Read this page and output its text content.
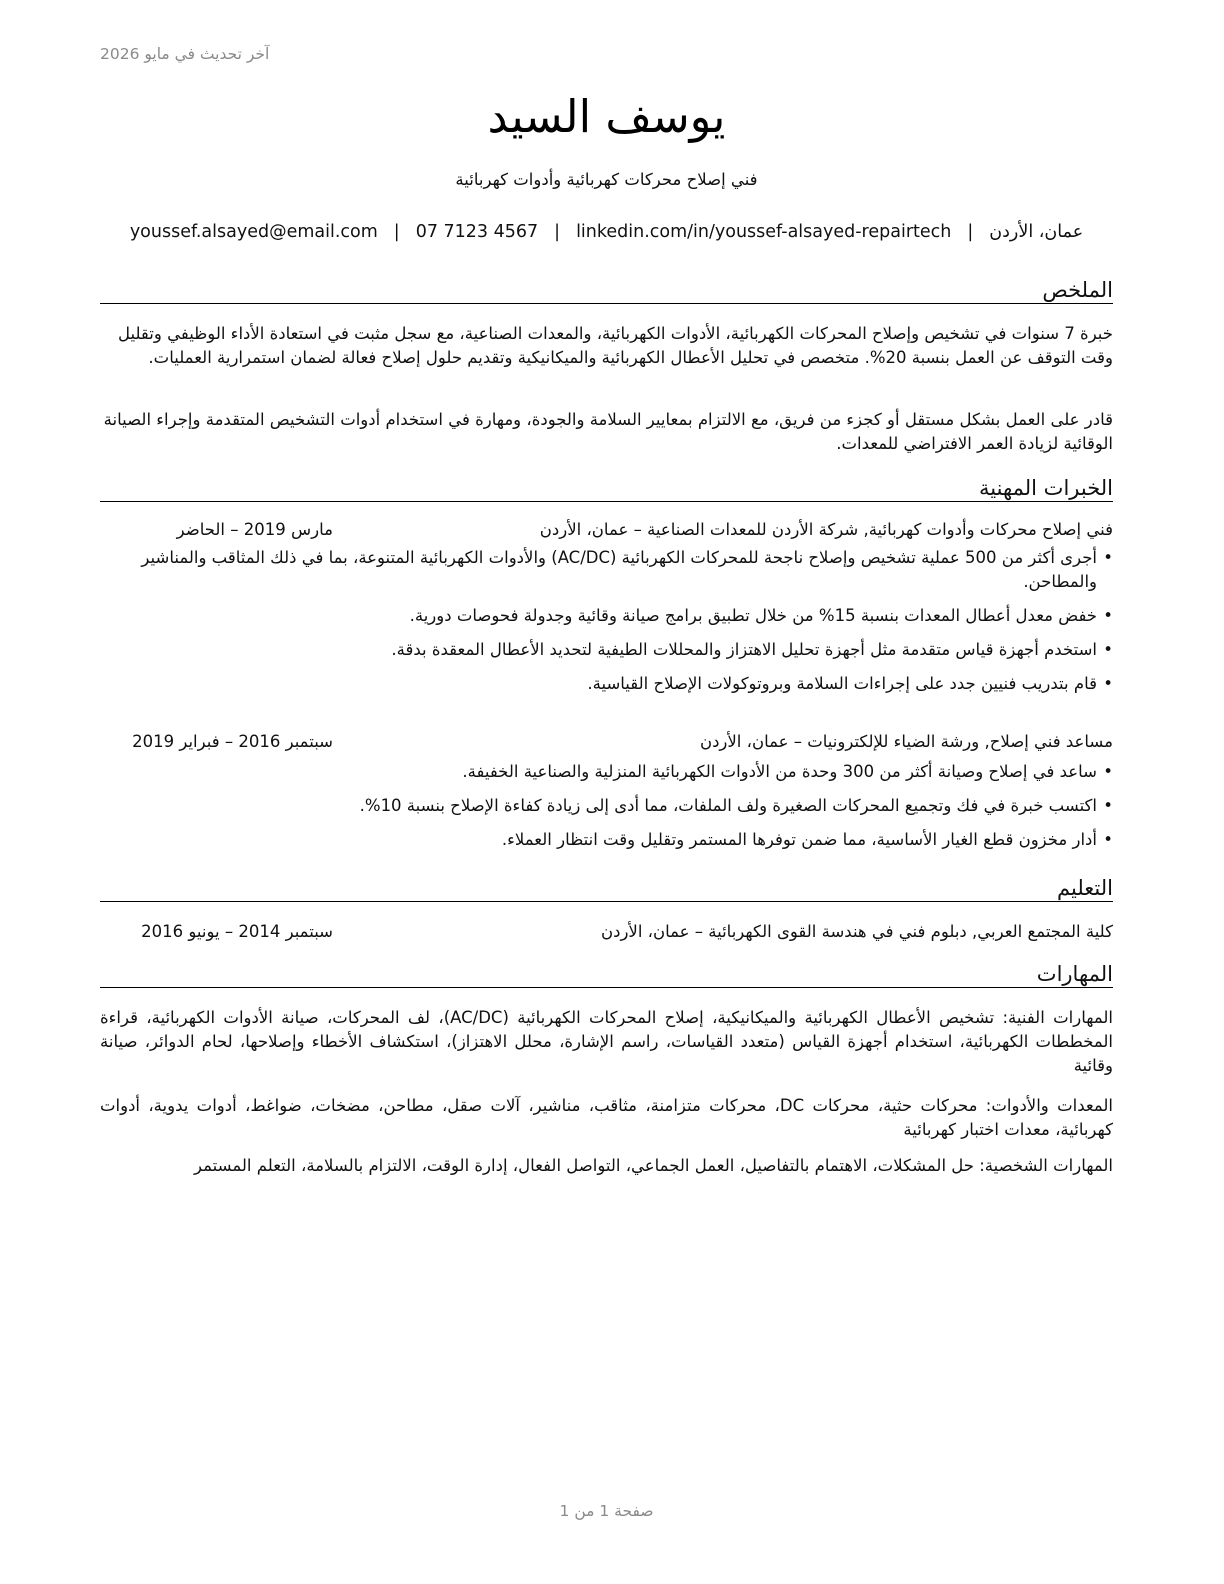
آخر تحديث في مايو 2026
يوسف السيد
فني إصلاح محركات كهربائية وأدوات كهربائية
عمان، الأردن|youssef.alsayed@email.com | 07 7123 4567 | linkedin.com/in/youssef-alsayed-repairtech
الملخص

خبرة 7 سنوات في تشخيص وإصلاح المحركات الكهربائية، الأدوات الكهربائية، والمعدات الصناعية، مع سجل مثبت في استعادة الأداء الوظيفي وتقليل وقت التوقف عن العمل بنسبة 20%. متخصص في تحليل الأعطال الكهربائية والميكانيكية وتقديم حلول إصلاح فعالة لضمان استمرارية العمليات.

قادر على العمل بشكل مستقل أو كجزء من فريق، مع الالتزام بمعايير السلامة والجودة، ومهارة في استخدام أدوات التشخيص المتقدمة وإجراء الصيانة الوقائية لزيادة العمر الافتراضي للمعدات.

الخبرات المهنية
فني إصلاح محركات وأدوات كهربائية, شركة الأردن للمعدات الصناعية – عمان، الأردن
مارس 2019 – الحاضر
•
أجرى أكثر من 500 عملية تشخيص وإصلاح ناجحة للمحركات الكهربائية (AC/DC) والأدوات الكهربائية المتنوعة، بما في ذلك المثاقب والمناشير والمطاحن.
•
خفض معدل أعطال المعدات بنسبة 15% من خلال تطبيق برامج صيانة وقائية وجدولة فحوصات دورية.
•
استخدم أجهزة قياس متقدمة مثل أجهزة تحليل الاهتزاز والمحللات الطيفية لتحديد الأعطال المعقدة بدقة.
•
قام بتدريب فنيين جدد على إجراءات السلامة وبروتوكولات الإصلاح القياسية.
مساعد فني إصلاح, ورشة الضياء للإلكترونيات – عمان، الأردن
سبتمبر 2016 – فبراير 2019
•
ساعد في إصلاح وصيانة أكثر من 300 وحدة من الأدوات الكهربائية المنزلية والصناعية الخفيفة.
•
اكتسب خبرة في فك وتجميع المحركات الصغيرة ولف الملفات، مما أدى إلى زيادة كفاءة الإصلاح بنسبة 10%.
•
أدار مخزون قطع الغيار الأساسية، مما ضمن توفرها المستمر وتقليل وقت انتظار العملاء.
التعليم
كلية المجتمع العربي, دبلوم فني في هندسة القوى الكهربائية – عمان، الأردن
سبتمبر 2014 – يونيو 2016
المهارات

المهارات الفنية: تشخيص الأعطال الكهربائية والميكانيكية، إصلاح المحركات الكهربائية (AC/DC)، لف المحركات، صيانة الأدوات الكهربائية، قراءة المخططات الكهربائية، استخدام أجهزة القياس (متعدد القياسات، راسم الإشارة، محلل الاهتزاز)، استكشاف الأخطاء وإصلاحها، لحام الدوائر، صيانة وقائية

المعدات والأدوات: محركات حثية، محركات DC، محركات متزامنة، مثاقب، مناشير، آلات صقل، مطاحن، مضخات، ضواغط، أدوات يدوية، أدوات كهربائية، معدات اختبار كهربائية

المهارات الشخصية: حل المشكلات، الاهتمام بالتفاصيل، العمل الجماعي، التواصل الفعال، إدارة الوقت، الالتزام بالسلامة، التعلم المستمر

صفحة 1 من 1
